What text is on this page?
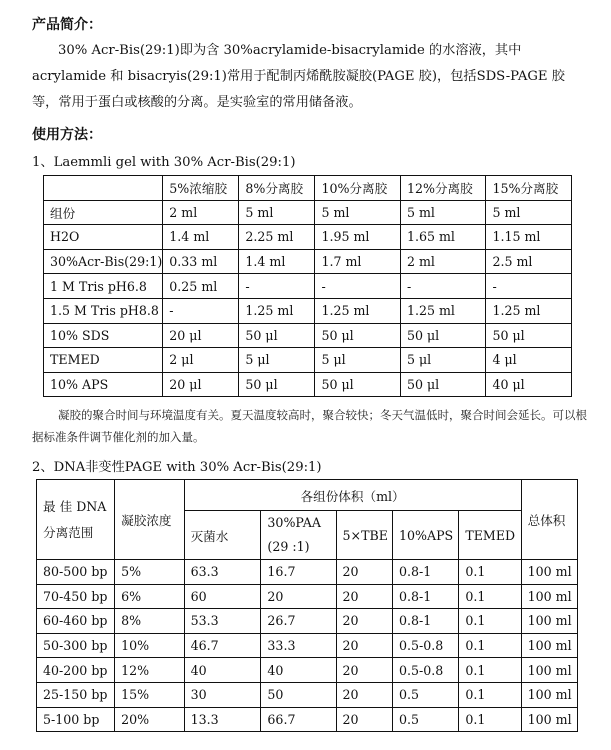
产品简介：
30% Acr-Bis(29:1)即为含 30%acrylamide-bisacrylamide 的水溶液，其中 acrylamide 和 bisacryis(29:1)常用于配制丙烯酰胺凝胶(PAGE 胶)，包括SDS-PAGE 胶等，常用于蛋白或核酸的分离。是实验室的常用储备液。
使用方法：
1、Laemmli gel with 30% Acr-Bis(29:1)
	5%浓缩胶	8%分离胶	10%分离胶	12%分离胶	15%分离胶
组份	2 ml	5 ml	5 ml	5 ml	5 ml
H2O	1.4 ml	2.25 ml	1.95 ml	1.65 ml	1.15 ml
30%Acr-Bis(29:1)	0.33 ml	1.4 ml	1.7 ml	2 ml	2.5 ml
1 M Tris pH6.8	0.25 ml	-	-	-	-
1.5 M Tris pH8.8	-	1.25 ml	1.25 ml	1.25 ml	1.25 ml
10% SDS	20 μl	50 μl	50 μl	50 μl	50 μl
TEMED	2 μl	5 μl	5 μl	5 μl	4 μl
10% APS	20 μl	50 μl	50 μl	50 μl	40 μl
凝胶的聚合时间与环境温度有关。夏天温度较高时，聚合较快；冬天气温低时，聚合时间会延长。可以根据标准条件调节催化剂的加入量。
2、DNA非变性PAGE with 30% Acr-Bis(29:1)
最 佳 DNA
分离范围	凝胶浓度	各组份体积（ml）					总体积
		灭菌水	30%PAA
(29 :1)	5×TBE	10%APS	TEMED	
80-500 bp	5%	63.3	16.7	20	0.8-1	0.1	100 ml
70-450 bp	6%	60	20	20	0.8-1	0.1	100 ml
60-460 bp	8%	53.3	26.7	20	0.8-1	0.1	100 ml
50-300 bp	10%	46.7	33.3	20	0.5-0.8	0.1	100 ml
40-200 bp	12%	40	40	20	0.5-0.8	0.1	100 ml
25-150 bp	15%	30	50	20	0.5	0.1	100 ml
5-100 bp	20%	13.3	66.7	20	0.5	0.1	100 ml
